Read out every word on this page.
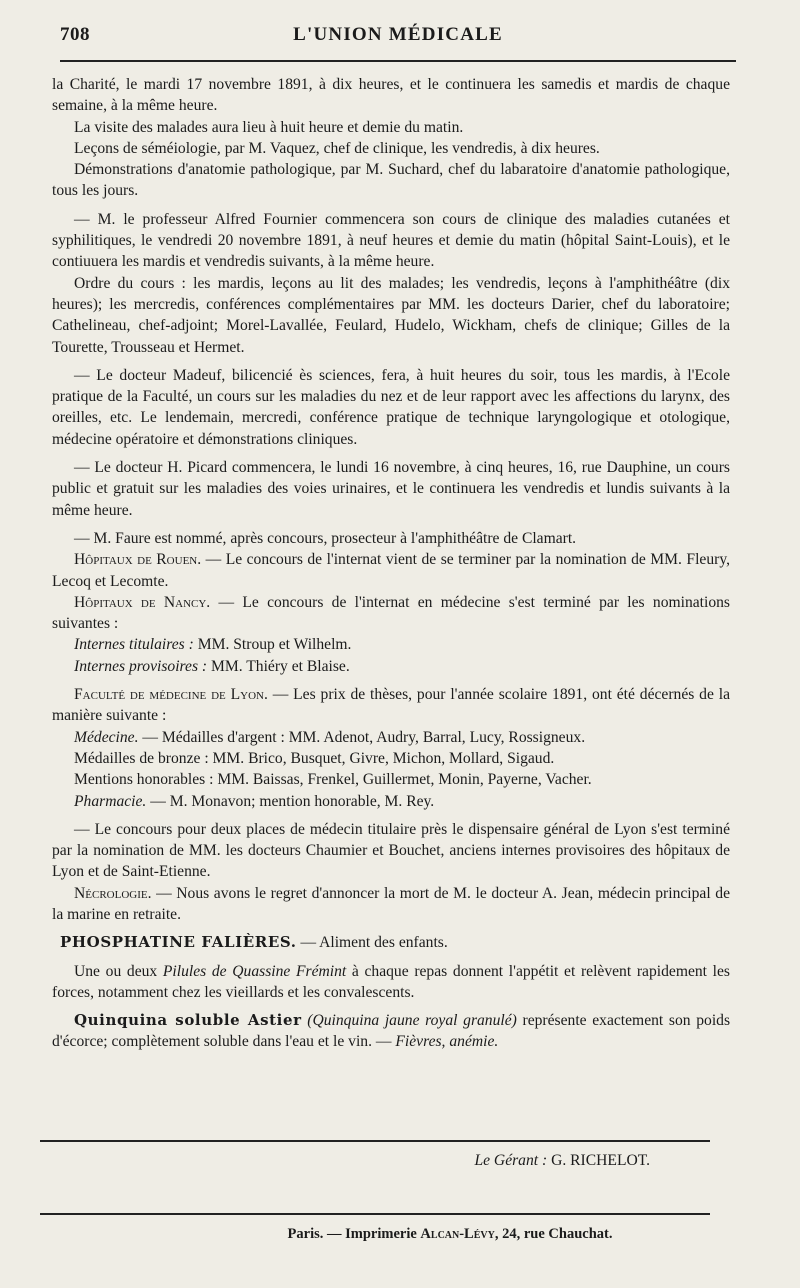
708	L'UNION MÉDICALE

la Charité, le mardi 17 novembre 1891, à dix heures, et le continuera les samedis et mardis de chaque semaine, à la même heure.

La visite des malades aura lieu à huit heure et demie du matin.

Leçons de séméiologie, par M. Vaquez, chef de clinique, les vendredis, à dix heures.

Démonstrations d'anatomie pathologique, par M. Suchard, chef du labaratoire d'anatomie pathologique, tous les jours.

— M. le professeur Alfred Fournier commencera son cours de clinique des maladies cutanées et syphilitiques, le vendredi 20 novembre 1891, à neuf heures et demie du matin (hôpital Saint-Louis), et le contiuuera les mardis et vendredis suivants, à la même heure.

Ordre du cours : les mardis, leçons au lit des malades; les vendredis, leçons à l'amphithéâtre (dix heures); les mercredis, conférences complémentaires par MM. les docteurs Darier, chef du laboratoire; Cathelineau, chef-adjoint; Morel-Lavallée, Feulard, Hudelo, Wickham, chefs de clinique; Gilles de la Tourette, Trousseau et Hermet.

— Le docteur Madeuf, bilicencié ès sciences, fera, à huit heures du soir, tous les mardis, à l'Ecole pratique de la Faculté, un cours sur les maladies du nez et de leur rapport avec les affections du larynx, des oreilles, etc. Le lendemain, mercredi, conférence pratique de technique laryngologique et otologique, médecine opératoire et démonstrations cliniques.

— Le docteur H. Picard commencera, le lundi 16 novembre, à cinq heures, 16, rue Dauphine, un cours public et gratuit sur les maladies des voies urinaires, et le continuera les vendredis et lundis suivants à la même heure.

— M. Faure est nommé, après concours, prosecteur à l'amphithéâtre de Clamart.

Hôpitaux de Rouen. — Le concours de l'internat vient de se terminer par la nomination de MM. Fleury, Lecoq et Lecomte.

Hôpitaux de Nancy. — Le concours de l'internat en médecine s'est terminé par les nominations suivantes :

Internes titulaires : MM. Stroup et Wilhelm.

Internes provisoires : MM. Thiéry et Blaise.

Faculté de médecine de Lyon. — Les prix de thèses, pour l'année scolaire 1891, ont été décernés de la manière suivante :

Médecine. — Médailles d'argent : MM. Adenot, Audry, Barral, Lucy, Rossigneux.

Médailles de bronze : MM. Brico, Busquet, Givre, Michon, Mollard, Sigaud.

Mentions honorables : MM. Baissas, Frenkel, Guillermet, Monin, Payerne, Vacher.

Pharmacie. — M. Monavon; mention honorable, M. Rey.

— Le concours pour deux places de médecin titulaire près le dispensaire général de Lyon s'est terminé par la nomination de MM. les docteurs Chaumier et Bouchet, anciens internes provisoires des hôpitaux de Lyon et de Saint-Etienne.

Nécrologie. — Nous avons le regret d'annoncer la mort de M. le docteur A. Jean, médecin principal de la marine en retraite.

PHOSPHATINE FALIÈRES. — Aliment des enfants.

Une ou deux Pilules de Quassine Frémint à chaque repas donnent l'appétit et relèvent rapidement les forces, notamment chez les vieillards et les convalescents.

Quinquina soluble Astier (Quinquina jaune royal granulé) représente exactement son poids d'écorce; complètement soluble dans l'eau et le vin. — Fièvres, anémie.

Le Gérant : G. RICHELOT.
Paris. — Imprimerie Alcan-Lévy, 24, rue Chauchat.
